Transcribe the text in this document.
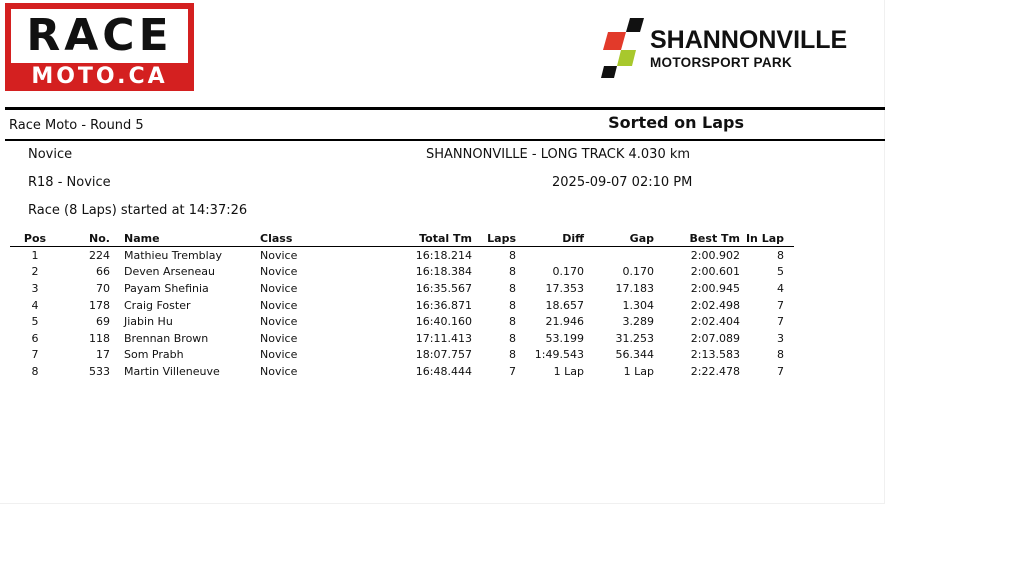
RACE
MOTO.CA
SHANNONVILLE
MOTORSPORT PARK
Race Moto - Round 5	Sorted on Laps
Novice	SHANNONVILLE - LONG TRACK 4.030 km
R18 - Novice	2025-09-07 02:10 PM
Race (8 Laps) started at 14:37:26
Pos	No.	Name	Class	Total Tm	Laps	Diff	Gap	Best Tm	In Lap
1	224	Mathieu Tremblay	Novice	16:18.214	8			2:00.902	8
2	66	Deven Arseneau	Novice	16:18.384	8	0.170	0.170	2:00.601	5
3	70	Payam Shefinia	Novice	16:35.567	8	17.353	17.183	2:00.945	4
4	178	Craig Foster	Novice	16:36.871	8	18.657	1.304	2:02.498	7
5	69	Jiabin Hu	Novice	16:40.160	8	21.946	3.289	2:02.404	7
6	118	Brennan Brown	Novice	17:11.413	8	53.199	31.253	2:07.089	3
7	17	Som Prabh	Novice	18:07.757	8	1:49.543	56.344	2:13.583	8
8	533	Martin Villeneuve	Novice	16:48.444	7	1 Lap	1 Lap	2:22.478	7
